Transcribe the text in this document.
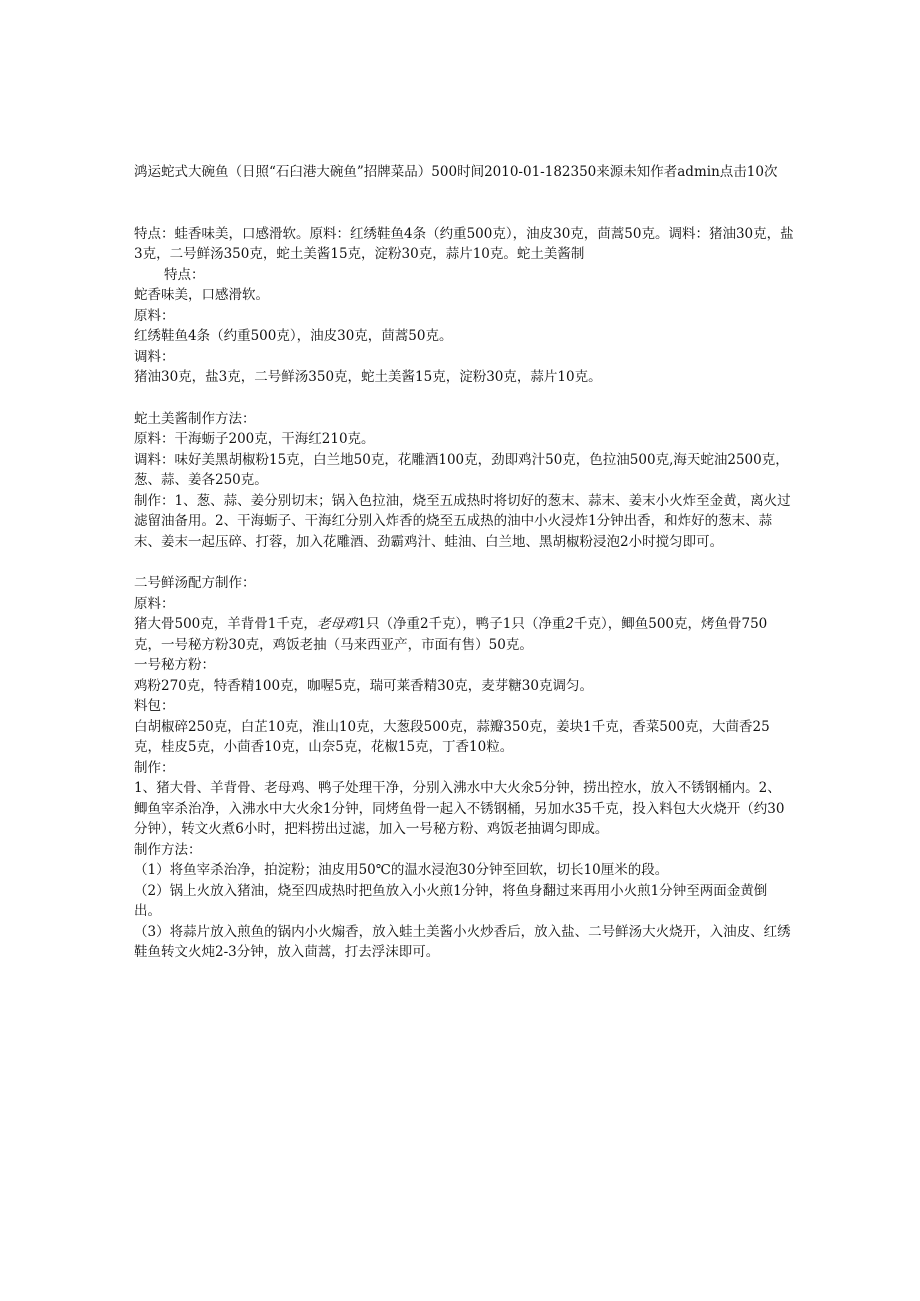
鸿运蛇式大碗鱼（日照“石臼港大碗鱼”招牌菜品）500时间2010-01-182350来源未知作者admin点击10次

特点：蛙香味美，口感滑软。原料：红绣鞋鱼4条（约重500克），油皮30克，茴蒿50克。调料：猪油30克，盐3克，二号鲜汤350克，蛇土美酱15克，淀粉30克，蒜片10克。蛇土美酱制

特点：

蛇香味美，口感滑软。

原料：

红绣鞋鱼4条（约重500克），油皮30克，茴蒿50克。

调料：

猪油30克，盐3克，二号鲜汤350克，蛇土美酱15克，淀粉30克，蒜片10克。

蛇土美酱制作方法：

原料：干海蛎子200克，干海红210克。

调料：味好美黑胡椒粉15克，白兰地50克，花雕酒100克，劲即鸡汁50克，色拉油500克,海天蛇油2500克，葱、蒜、姜各250克。

制作：1、葱、蒜、姜分别切末；锅入色拉油，烧至五成热时将切好的葱末、蒜末、姜末小火炸至金黄，离火过滤留油备用。2、干海蛎子、干海红分别入炸香的烧至五成热的油中小火浸炸1分钟出香，和炸好的葱末、蒜末、姜末一起压碎、打蓉，加入花雕酒、劲霸鸡汁、蛙油、白兰地、黑胡椒粉浸泡2小时搅匀即可。

二号鲜汤配方制作：

原料：

猪大骨500克，羊背骨1千克，老母鸡1只（净重2千克），鸭子1只（净重2千克），鲫鱼500克，烤鱼骨750克，一号秘方粉30克，鸡饭老抽（马来西亚产，市面有售）50克。

一号秘方粉：

鸡粉270克，特香精100克，咖喔5克，瑞可莱香精30克，麦芽糖30克调匀。

料包：

白胡椒碎250克，白芷10克，淮山10克，大葱段500克，蒜瓣350克，姜块1千克，香菜500克，大茴香25克，桂皮5克，小茴香10克，山奈5克，花椒15克，丁香10粒。

制作：

1、猪大骨、羊背骨、老母鸡、鸭子处理干净，分别入沸水中大火氽5分钟，捞出控水，放入不锈钢桶内。2、鲫鱼宰杀治净，入沸水中大火氽1分钟，同烤鱼骨一起入不锈钢桶，另加水35千克，投入料包大火烧开（约30分钟），转文火煮6小时，把料捞出过滤，加入一号秘方粉、鸡饭老抽调匀即成。

制作方法：

（1）将鱼宰杀治净，拍淀粉；油皮用50℃的温水浸泡30分钟至回软，切长10厘米的段。

（2）锅上火放入猪油，烧至四成热时把鱼放入小火煎1分钟，将鱼身翻过来再用小火煎1分钟至两面金黄倒出。

（3）将蒜片放入煎鱼的锅内小火煽香，放入蛙土美酱小火炒香后，放入盐、二号鲜汤大火烧开，入油皮、红绣鞋鱼转文火炖2-3分钟，放入茴蒿，打去浮沫即可。
